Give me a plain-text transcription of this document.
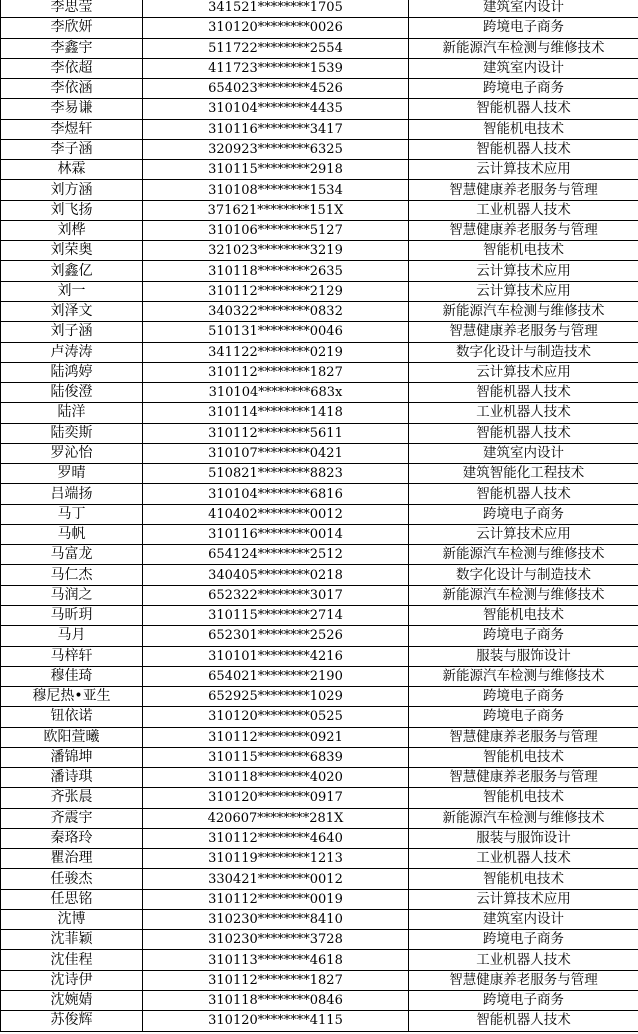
李思莹	341521********1705	建筑室内设计
李欣妍	310120********0026	跨境电子商务
李鑫宇	511722********2554	新能源汽车检测与维修技术
李依超	411723********1539	建筑室内设计
李依涵	654023********4526	跨境电子商务
李易谦	310104********4435	智能机器人技术
李煜轩	310116********3417	智能机电技术
李子涵	320923********6325	智能机器人技术
林霖	310115********2918	云计算技术应用
刘方涵	310108********1534	智慧健康养老服务与管理
刘飞扬	371621********151X	工业机器人技术
刘桦	310106********5127	智慧健康养老服务与管理
刘荣奥	321023********3219	智能机电技术
刘鑫亿	310118********2635	云计算技术应用
刘一	310112********2129	云计算技术应用
刘泽文	340322********0832	新能源汽车检测与维修技术
刘子涵	510131********0046	智慧健康养老服务与管理
卢涛涛	341122********0219	数字化设计与制造技术
陆鸿婷	310112********1827	云计算技术应用
陆俊澄	310104********683x	智能机器人技术
陆洋	310114********1418	工业机器人技术
陆奕斯	310112********5611	智能机器人技术
罗沁怡	310107********0421	建筑室内设计
罗晴	510821********8823	建筑智能化工程技术
吕端扬	310104********6816	智能机器人技术
马丁	410402********0012	跨境电子商务
马帆	310116********0014	云计算技术应用
马富龙	654124********2512	新能源汽车检测与维修技术
马仁杰	340405********0218	数字化设计与制造技术
马润之	652322********3017	新能源汽车检测与维修技术
马昕玥	310115********2714	智能机电技术
马月	652301********2526	跨境电子商务
马梓轩	310101********4216	服装与服饰设计
穆佳琦	654021********2190	新能源汽车检测与维修技术
穆尼热•亚生	652925********1029	跨境电子商务
钮依诺	310120********0525	跨境电子商务
欧阳萱曦	310112********0921	智慧健康养老服务与管理
潘锦坤	310115********6839	智能机电技术
潘诗琪	310118********4020	智慧健康养老服务与管理
齐张晨	310120********0917	智能机电技术
齐震宇	420607********281X	新能源汽车检测与维修技术
秦珞玲	310112********4640	服装与服饰设计
瞿治理	310119********1213	工业机器人技术
任骏杰	330421********0012	智能机电技术
任思铭	310112********0019	云计算技术应用
沈博	310230********8410	建筑室内设计
沈菲颖	310230********3728	跨境电子商务
沈佳程	310113********4618	工业机器人技术
沈诗伊	310112********1827	智慧健康养老服务与管理
沈婉婧	310118********0846	跨境电子商务
苏俊辉	310120********4115	智能机器人技术
